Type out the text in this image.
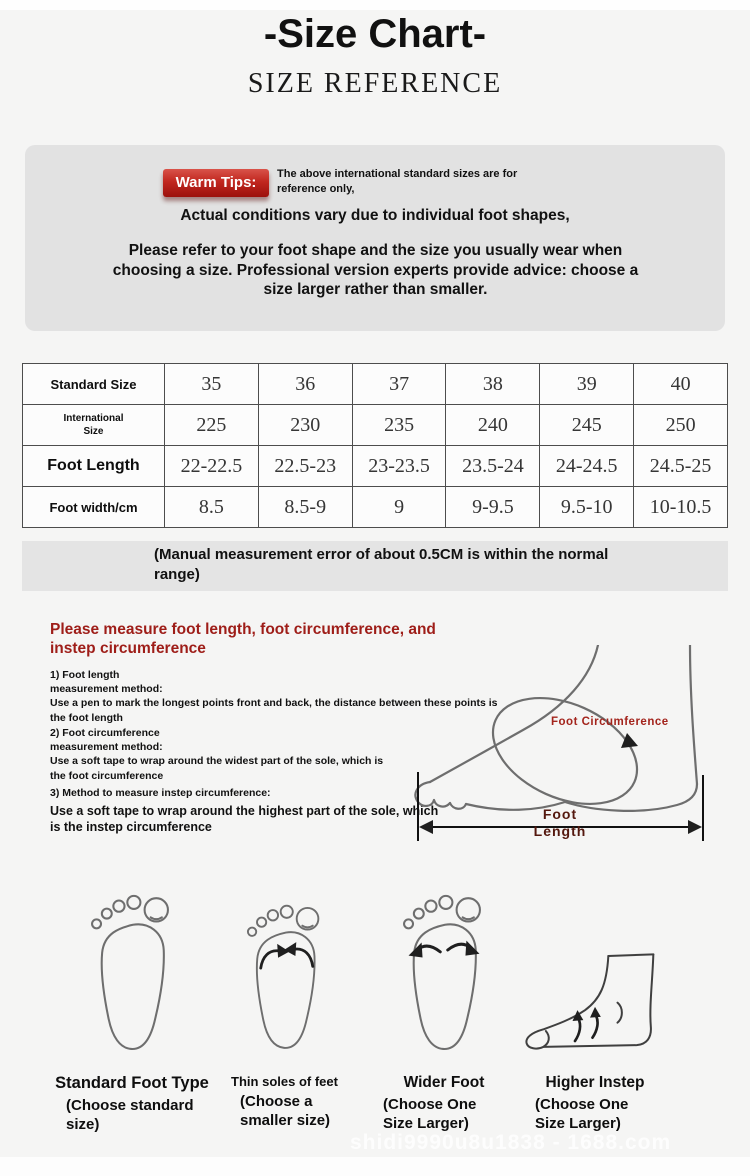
-Size Chart-
SIZE REFERENCE
Warm Tips:	The above international standard sizes are for reference only,
Actual conditions vary due to individual foot shapes,
Please refer to your foot shape and the size you usually wear when choosing a size. Professional version experts provide advice: choose a size larger rather than smaller.
Standard Size	35	36	37	38	39	40

International Size	225	230	235	240	245	250

Foot Length	22-22.5	22.5-23	23-23.5	23.5-24	24-24.5	24.5-25

Foot width/cm	8.5	8.5-9	9	9-9.5	9.5-10	10-10.5
(Manual measurement error of about 0.5CM is within the normal range)
Please measure foot length, foot circumference, and instep circumference
1) Foot length
measurement method:
Use a pen to mark the longest points front and back, the distance between these points is the foot length
2) Foot circumference
measurement method:
Use a soft tape to wrap around the widest part of the sole, which is the foot circumference
3) Method to measure instep circumference:
Use a soft tape to wrap around the highest part of the sole, which is the instep circumference
Foot Circumference
Foot Length
Standard Foot Type
(Choose standard size)
Thin soles of feet
(Choose a smaller size)
Wider Foot
(Choose One Size Larger)
Higher Instep
(Choose One Size Larger)
shidi9990u8u1838 - 1688.com
